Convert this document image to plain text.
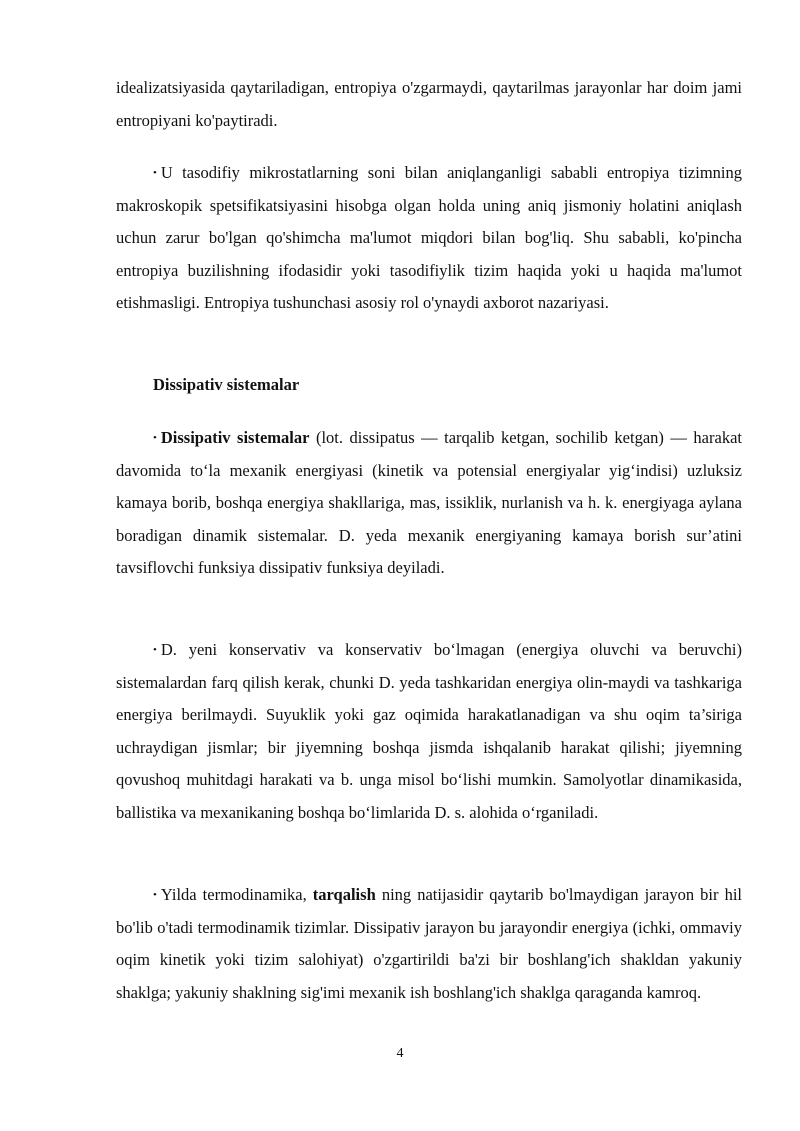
idealizatsiyasida qaytariladigan, entropiya o'zgarmaydi, qaytarilmas jarayonlar har doim jami entropiyani ko'paytiradi.

• U tasodifiy mikrostatlarning soni bilan aniqlanganligi sababli entropiya tizimning makroskopik spetsifikatsiyasini hisobga olgan holda uning aniq jismoniy holatini aniqlash uchun zarur bo'lgan qo'shimcha ma'lumot miqdori bilan bog'liq. Shu sababli, ko'pincha entropiya buzilishning ifodasidir yoki tasodifiylik tizim haqida yoki u haqida ma'lumot etishmasligi. Entropiya tushunchasi asosiy rol o'ynaydi axborot nazariyasi.

Dissipativ sistemalar

• Dissipativ sistemalar (lot. dissipatus — tarqalib ketgan, sochilib ketgan) — harakat davomida to‘la mexanik energiyasi (kinetik va potensial energiyalar yig‘indisi) uzluksiz kamaya borib, boshqa energiya shakllariga, mas, issiklik, nurlanish va h. k. energiyaga aylana boradigan dinamik sistemalar. D. yeda mexanik energiyaning kamaya borish sur’atini tavsiflovchi funksiya dissipativ funksiya deyiladi.

• D. yeni konservativ va konservativ bo‘lmagan (energiya oluvchi va beruvchi) sistemalardan farq qilish kerak, chunki D. yeda tashkaridan energiya olin-maydi va tashkariga energiya berilmaydi. Suyuklik yoki gaz oqimida harakatlanadigan va shu oqim ta’siriga uchraydigan jismlar; bir jiyemning boshqa jismda ishqalanib harakat qilishi; jiyemning qovushoq muhitdagi harakati va b. unga misol bo‘lishi mumkin. Samolyotlar dinamikasida, ballistika va mexanikaning boshqa bo‘limlarida D. s. alohida o‘rganiladi.

• Yilda termodinamika, tarqalish ning natijasidir qaytarib bo'lmaydigan jarayon bir hil bo'lib o'tadi termodinamik tizimlar. Dissipativ jarayon bu jarayondir energiya (ichki, ommaviy oqim kinetik yoki tizim salohiyat) o'zgartirildi ba'zi bir boshlang'ich shakldan yakuniy shaklga; yakuniy shaklning sig'imi mexanik ish boshlang'ich shaklga qaraganda kamroq.

4
